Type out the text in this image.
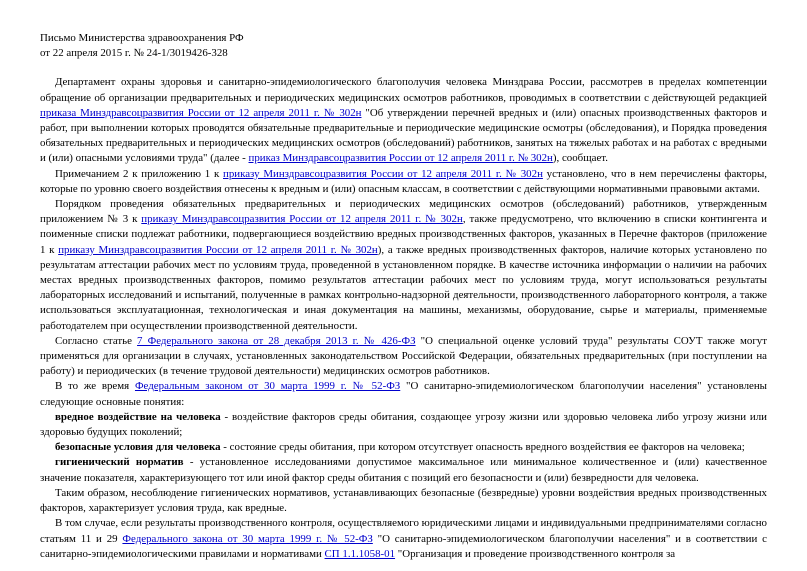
Письмо Министерства здравоохранения РФ
от 22 апреля 2015 г. № 24-1/3019426-328

Департамент охраны здоровья и санитарно-эпидемиологического благополучия человека Минздрава России, рассмотрев в пределах компетенции обращение об организации предварительных и периодических медицинских осмотров работников, проводимых в соответствии с действующей редакцией приказа Минздравсоцразвития России от 12 апреля 2011 г. № 302н "Об утверждении перечней вредных и (или) опасных производственных факторов и работ, при выполнении которых проводятся обязательные предварительные и периодические медицинские осмотры (обследования), и Порядка проведения обязательных предварительных и периодических медицинских осмотров (обследований) работников, занятых на тяжелых работах и на работах с вредными и (или) опасными условиями труда" (далее - приказ Минздравсоцразвития России от 12 апреля 2011 г. № 302н), сообщает.

Примечанием 2 к приложению 1 к приказу Минздравсоцразвития России от 12 апреля 2011 г. № 302н установлено, что в нем перечислены факторы, которые по уровню своего воздействия отнесены к вредным и (или) опасным классам, в соответствии с действующими нормативными правовыми актами.

Порядком проведения обязательных предварительных и периодических медицинских осмотров (обследований) работников, утвержденным приложением № 3 к приказу Минздравсоцразвития России от 12 апреля 2011 г. № 302н, также предусмотрено, что включению в списки контингента и поименные списки подлежат работники, подвергающиеся воздействию вредных производственных факторов, указанных в Перечне факторов (приложение 1 к приказу Минздравсоцразвития России от 12 апреля 2011 г. № 302н), а также вредных производственных факторов, наличие которых установлено по результатам аттестации рабочих мест по условиям труда, проведенной в установленном порядке. В качестве источника информации о наличии на рабочих местах вредных производственных факторов, помимо результатов аттестации рабочих мест по условиям труда, могут использоваться результаты лабораторных исследований и испытаний, полученные в рамках контрольно-надзорной деятельности, производственного лабораторного контроля, а также использоваться эксплуатационная, технологическая и иная документация на машины, механизмы, оборудование, сырье и материалы, применяемые работодателем при осуществлении производственной деятельности.

Согласно статье 7 Федерального закона от 28 декабря 2013 г. № 426-ФЗ "О специальной оценке условий труда" результаты СОУТ также могут применяться для организации в случаях, установленных законодательством Российской Федерации, обязательных предварительных (при поступлении на работу) и периодических (в течение трудовой деятельности) медицинских осмотров работников.

В то же время Федеральным законом от 30 марта 1999 г. № 52-ФЗ "О санитарно-эпидемиологическом благополучии населения" установлены следующие основные понятия:

вредное воздействие на человека - воздействие факторов среды обитания, создающее угрозу жизни или здоровью человека либо угрозу жизни или здоровью будущих поколений;

безопасные условия для человека - состояние среды обитания, при котором отсутствует опасность вредного воздействия ее факторов на человека;

гигиенический норматив - установленное исследованиями допустимое максимальное или минимальное количественное и (или) качественное значение показателя, характеризующего тот или иной фактор среды обитания с позиций его безопасности и (или) безвредности для человека.

Таким образом, несоблюдение гигиенических нормативов, устанавливающих безопасные (безвредные) уровни воздействия вредных производственных факторов, характеризует условия труда, как вредные.

В том случае, если результаты производственного контроля, осуществляемого юридическими лицами и индивидуальными предпринимателями согласно статьям 11 и 29 Федерального закона от 30 марта 1999 г. № 52-ФЗ "О санитарно-эпидемиологическом благополучии населения" и в соответствии с санитарно-эпидемиологическими правилами и нормативами СП 1.1.1058-01 "Организация и проведение производственного контроля за
